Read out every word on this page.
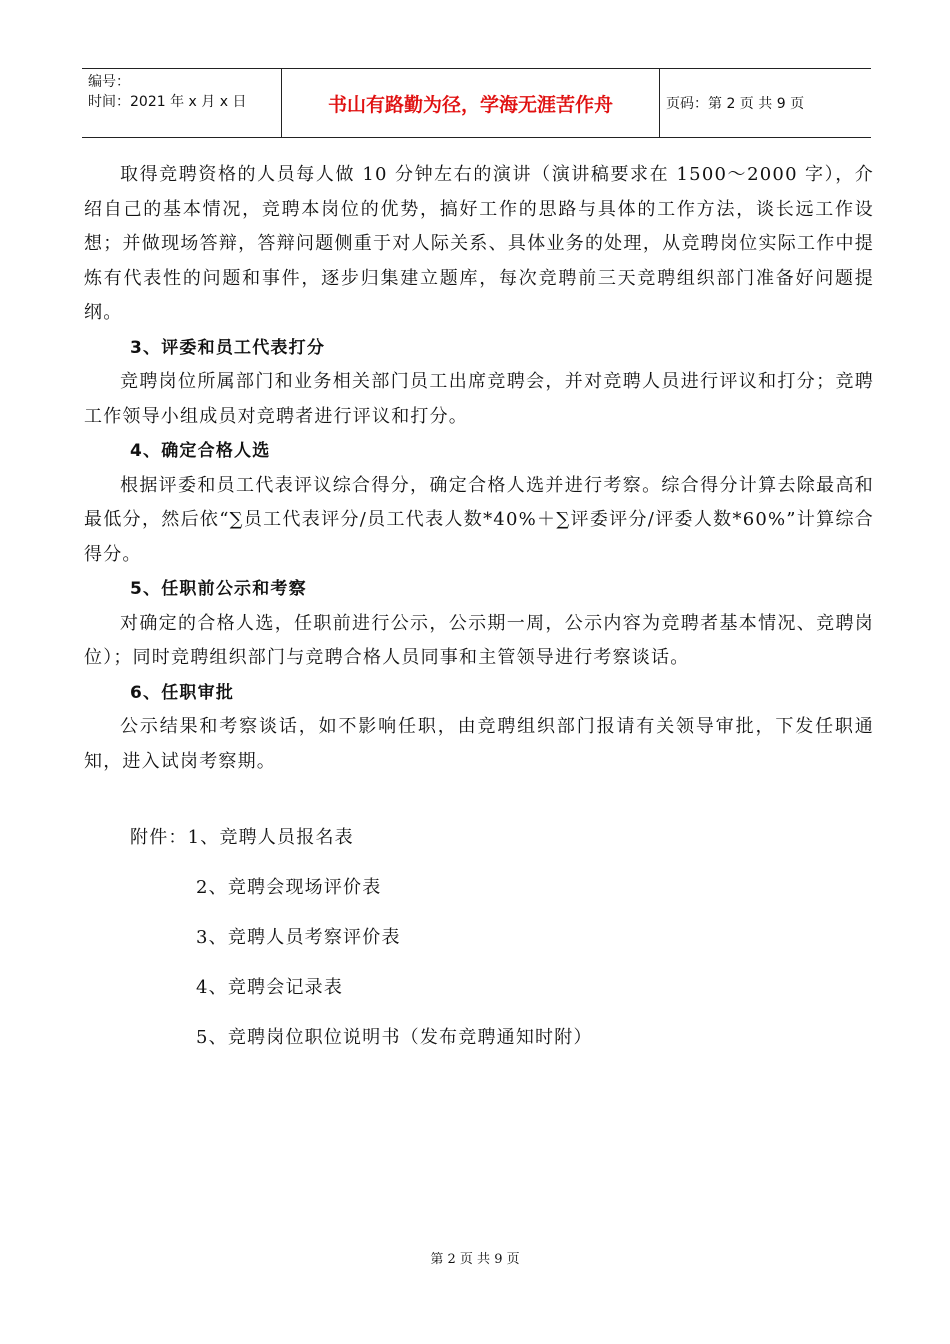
编号：
时间：2021 年 x 月 x 日	书山有路勤为径，学海无涯苦作舟	页码：第 2 页 共 9 页

取得竞聘资格的人员每人做 10 分钟左右的演讲（演讲稿要求在 1500～2000 字），介绍自己的基本情况，竞聘本岗位的优势，搞好工作的思路与具体的工作方法，谈长远工作设想；并做现场答辩，答辩问题侧重于对人际关系、具体业务的处理，从竞聘岗位实际工作中提炼有代表性的问题和事件，逐步归集建立题库，每次竞聘前三天竞聘组织部门准备好问题提纲。

3、评委和员工代表打分

竞聘岗位所属部门和业务相关部门员工出席竞聘会，并对竞聘人员进行评议和打分；竞聘工作领导小组成员对竞聘者进行评议和打分。

4、确定合格人选

根据评委和员工代表评议综合得分，确定合格人选并进行考察。综合得分计算去除最高和最低分，然后依“∑员工代表评分/员工代表人数*40%＋∑评委评分/评委人数*60%”计算综合得分。

5、任职前公示和考察

对确定的合格人选，任职前进行公示，公示期一周，公示内容为竞聘者基本情况、竞聘岗位）；同时竞聘组织部门与竞聘合格人员同事和主管领导进行考察谈话。

6、任职审批

公示结果和考察谈话，如不影响任职，由竞聘组织部门报请有关领导审批，下发任职通知，进入试岗考察期。

附件：1、竞聘人员报名表

2、竞聘会现场评价表

3、竞聘人员考察评价表

4、竞聘会记录表

5、竞聘岗位职位说明书（发布竞聘通知时附）

第 2 页 共 9 页
